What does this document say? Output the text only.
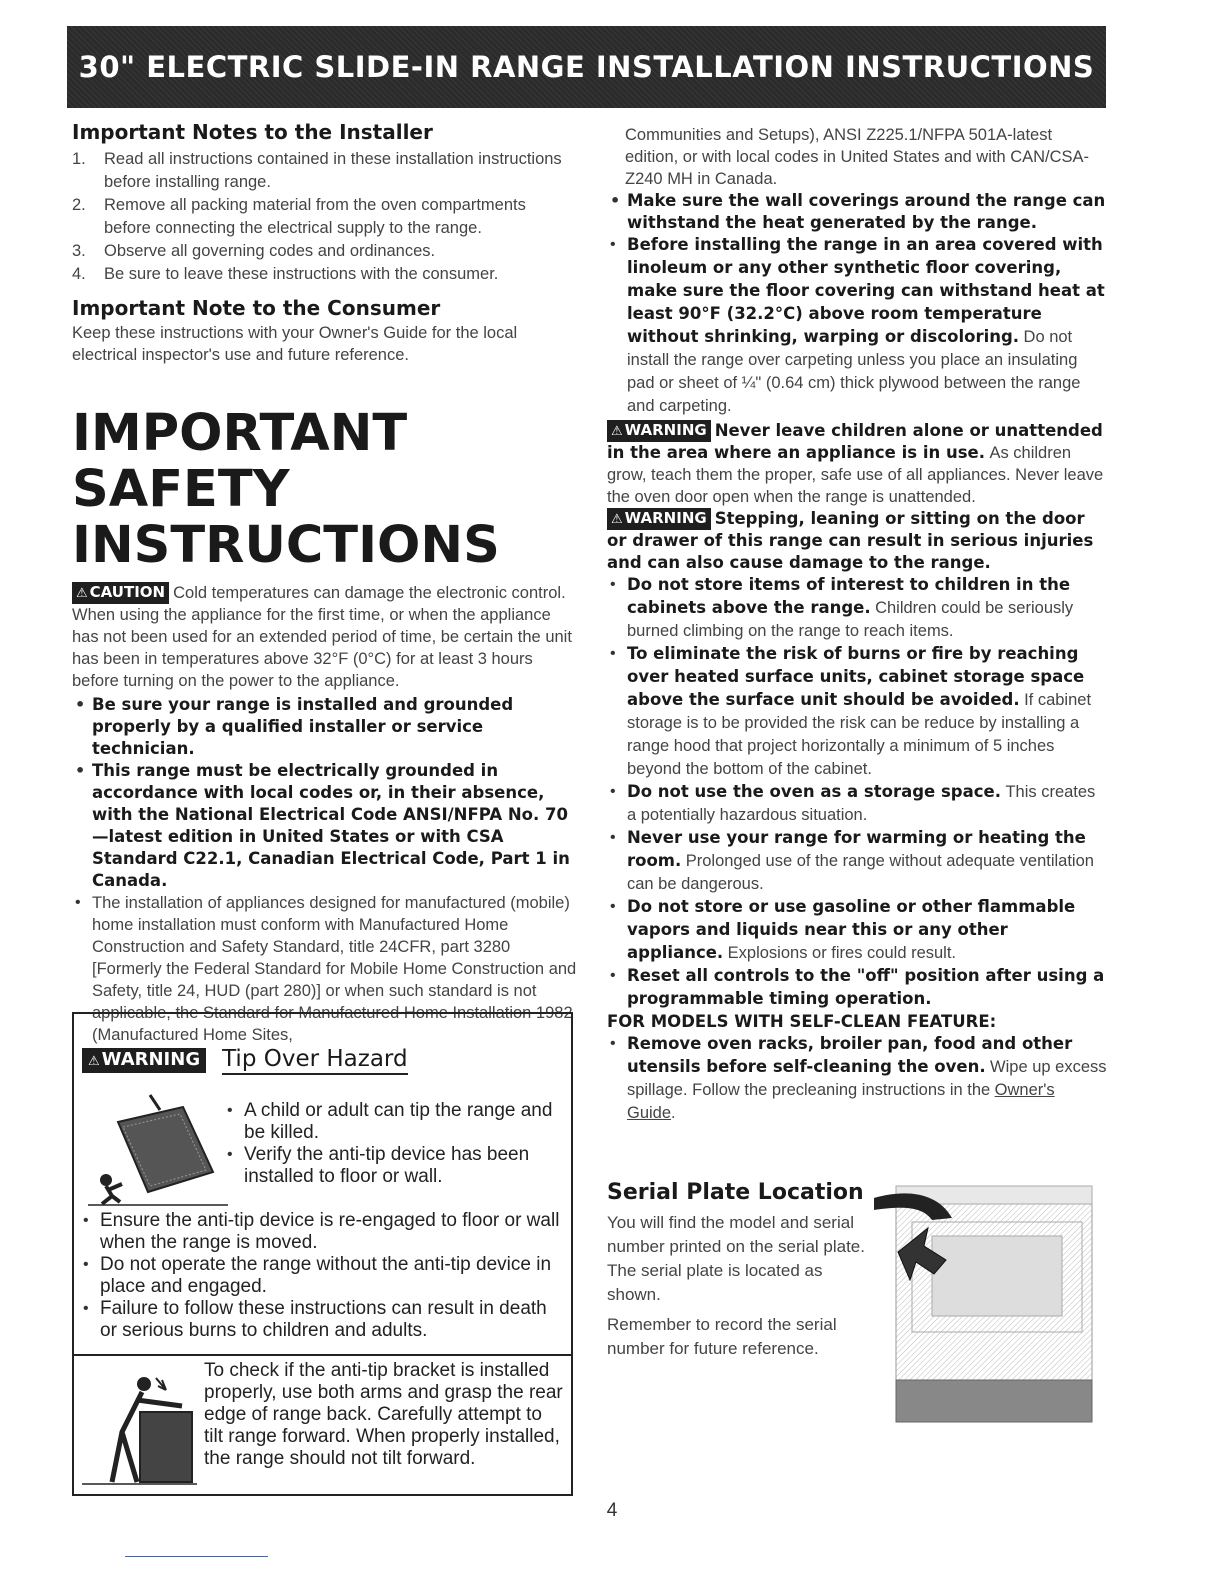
30" ELECTRIC SLIDE-IN RANGE INSTALLATION INSTRUCTIONS
Important Notes to the Installer
1. Read all instructions contained in these installation instructions before installing range.
2. Remove all packing material from the oven compartments before connecting the electrical supply to the range.
3. Observe all governing codes and ordinances.
4. Be sure to leave these instructions with the consumer.
Important Note to the Consumer
Keep these instructions with your Owner's Guide for the local electrical inspector's use and future reference.
IMPORTANT SAFETY INSTRUCTIONS
⚠ CAUTION Cold temperatures can damage the electronic control. When using the appliance for the first time, or when the appliance has not been used for an extended period of time, be certain the unit has been in temperatures above 32°F (0°C) for at least 3 hours before turning on the power to the appliance.
• Be sure your range is installed and grounded properly by a qualified installer or service technician.
• This range must be electrically grounded in accordance with local codes or, in their absence, with the National Electrical Code ANSI/NFPA No. 70—latest edition in United States or with CSA Standard C22.1, Canadian Electrical Code, Part 1 in Canada.
• The installation of appliances designed for manufactured (mobile) home installation must conform with Manufactured Home Construction and Safety Standard, title 24CFR, part 3280 [Formerly the Federal Standard for Mobile Home Construction and Safety, title 24, HUD (part 280)] or when such standard is not applicable, the Standard for Manufactured Home Installation 1982 (Manufactured Home Sites,
⚠ WARNING Tip Over Hazard
• A child or adult can tip the range and be killed.
• Verify the anti-tip device has been installed to floor or wall.
• Ensure the anti-tip device is re-engaged to floor or wall when the range is moved.
• Do not operate the range without the anti-tip device in place and engaged.
• Failure to follow these instructions can result in death or serious burns to children and adults.
To check if the anti-tip bracket is installed properly, use both arms and grasp the rear edge of range back. Carefully attempt to tilt range forward. When properly installed, the range should not tilt forward.
Communities and Setups), ANSI Z225.1/NFPA 501A-latest edition, or with local codes in United States and with CAN/CSA-Z240 MH in Canada.
• Make sure the wall coverings around the range can withstand the heat generated by the range.
• Before installing the range in an area covered with linoleum or any other synthetic floor covering, make sure the floor covering can withstand heat at least 90°F (32.2°C) above room temperature without shrinking, warping or discoloring. Do not install the range over carpeting unless you place an insulating pad or sheet of ¼" (0.64 cm) thick plywood between the range and carpeting.
⚠ WARNING Never leave children alone or unattended in the area where an appliance is in use. As children grow, teach them the proper, safe use of all appliances. Never leave the oven door open when the range is unattended.
⚠ WARNING Stepping, leaning or sitting on the door or drawer of this range can result in serious injuries and can also cause damage to the range.
• Do not store items of interest to children in the cabinets above the range. Children could be seriously burned climbing on the range to reach items.
• To eliminate the risk of burns or fire by reaching over heated surface units, cabinet storage space above the surface unit should be avoided. If cabinet storage is to be provided the risk can be reduce by installing a range hood that project horizontally a minimum of 5 inches beyond the bottom of the cabinet.
• Do not use the oven as a storage space. This creates a potentially hazardous situation.
• Never use your range for warming or heating the room. Prolonged use of the range without adequate ventilation can be dangerous.
• Do not store or use gasoline or other flammable vapors and liquids near this or any other appliance. Explosions or fires could result.
• Reset all controls to the "off" position after using a programmable timing operation.
FOR MODELS WITH SELF-CLEAN FEATURE:
• Remove oven racks, broiler pan, food and other utensils before self-cleaning the oven. Wipe up excess spillage. Follow the precleaning instructions in the Owner's Guide.
Serial Plate Location

You will find the model and serial number printed on the serial plate. The serial plate is located as shown.

Remember to record the serial number for future reference.

4
